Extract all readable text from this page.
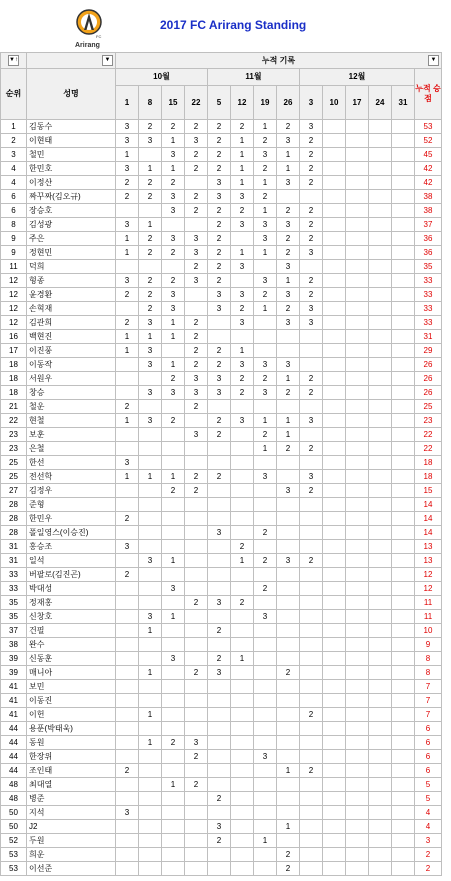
FC
Arirang
2017 FC Arirang Standing
▼↑	▼	누적 기록 ▼													

순위	성명	10월				11월				12월					누적 승점
		1	8	15	22	5	12	19	26	3	10	17	24	31	
1	김동수	3	2	2	2	2	2	1	2	3					53
2	이현태	3	3	1	3	2	1	2	3	2					52
3	철민	1		3	2	2	1	3	1	2					45
4	한민호	3	1	1	2	2	1	2	1	2					42
4	이정산	2	2	2		3	1	1	3	2					42
6	짜꾸짜(김오규)	2	2	3	2	3	3	2							38
6	장승호			3	2	2	2	1	2	2					38
8	김성광	3	1			2	3	3	3	2					37
9	주은	1	2	3	3	2		3	2	2					36
9	정현민	1	2	2	3	2	1	1	2	3					36
11	덕희				2	2	3		3						35
12	형종	3	2	2	3	2		3	1	2					33
12	윤경환	2	2	3		3	3	2	3	2					33
12	손혁재		2	3		3	2	1	2	3					33
12	김관희	2	3	1	2		3		3	3					33
16	백현진	1	1	1	2										31
17	이진풍	1	3		2	2	1								29
18	이동작		3	1	2	2	3	3	3						26
18	서원우			2	3	3	2	2	1	2					26
18	창승		3	3	3	3	2	3	2	2					26
21	철운	2			2										25
22	현철	1	3	2		2	3	1	1	3					23
23	보훈				3	2		2	1						22
23	은철							1	2	2					22
25	한선	3													18
25	전선학	1	1	1	2	2		3		3					18
27	김정우			2	2				3	2					15
28	준형														14
28	한민우	2													14
28	폴일영스(이승진)					3		2							14
31	홍승조	3					2								13
31	일석		3	1			1	2	3	2					13
33	버팔로(김진곤)	2													12
33	박대성			3				2							12
35	정재홍				2	3	2								11
35	신창호		3	1				3							11
37	건필		1			2									10
38	완수														9
39	신동훈			3		2	1								8
39	매니아		1		2	3			2						8
41	보민														7
41	이동진														7
41	이헌		1							2					7
44	용푼(박태욱)														6
44	동원		1	2	3										6
44	한장위				2			3							6
44	조인태	2							1	2					6
48	최대열			1	2										5
48	병준					2									5
50	지석	3													4
50	J2					3			1						4
52	두원					2		1							3
53	희운								2						2
53	이선준								2						2
